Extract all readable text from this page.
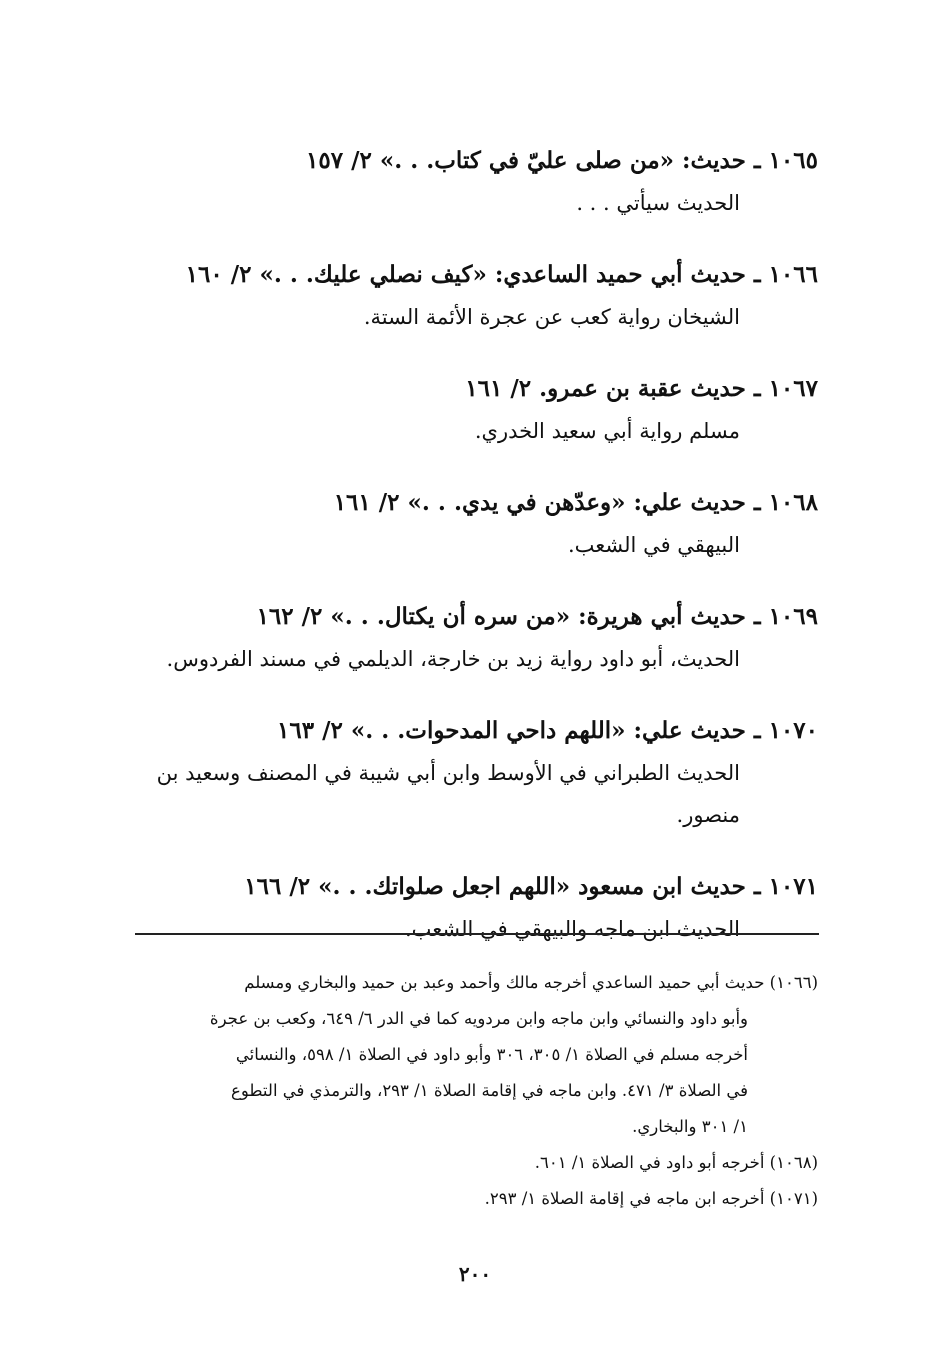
١٠٦٥ ـ حديث: «من صلى عليّ في كتاب. . .» ٢/ ١٥٧
الحديث سيأتي . . .
١٠٦٦ ـ حديث أبي حميد الساعدي: «كيف نصلي عليك. . .» ٢/ ١٦٠
الشيخان رواية كعب عن عجرة الأئمة الستة.
١٠٦٧ ـ حديث عقبة بن عمرو. ٢/ ١٦١
مسلم رواية أبي سعيد الخدري.
١٠٦٨ ـ حديث علي: «وعدّهن في يدي. . .» ٢/ ١٦١
البيهقي في الشعب.
١٠٦٩ ـ حديث أبي هريرة: «من سره أن يكتال. . .» ٢/ ١٦٢
الحديث، أبو داود رواية زيد بن خارجة، الديلمي في مسند الفردوس.
١٠٧٠ ـ حديث علي: «اللهم داحي المدحوات. . .» ٢/ ١٦٣
الحديث الطبراني في الأوسط وابن أبي شيبة في المصنف وسعيد بن
منصور.
١٠٧١ ـ حديث ابن مسعود «اللهم اجعل صلواتك. . .» ٢/ ١٦٦
الحديث ابن ماجه والبيهقي في الشعب.
(١٠٦٦) حديث أبي حميد الساعدي أخرجه مالك وأحمد وعبد بن حميد والبخاري ومسلم
وأبو داود والنسائي وابن ماجه وابن مردويه كما في الدر ٦/ ٦٤٩، وكعب بن عجرة
أخرجه مسلم في الصلاة ١/ ٣٠٥، ٣٠٦ وأبو داود في الصلاة ١/ ٥٩٨، والنسائي
في الصلاة ٣/ ٤٧١. وابن ماجه في إقامة الصلاة ١/ ٢٩٣، والترمذي في التطوع
١/ ٣٠١ والبخاري.
(١٠٦٨) أخرجه أبو داود في الصلاة ١/ ٦٠١.
(١٠٧١) أخرجه ابن ماجه في إقامة الصلاة ١/ ٢٩٣.
٢٠٠
